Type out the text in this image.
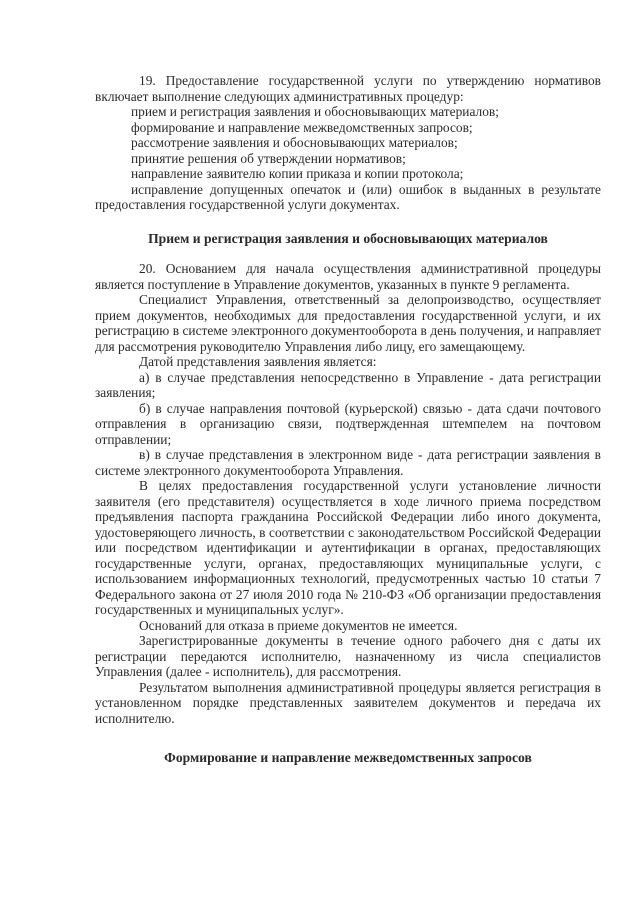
19. Предоставление государственной услуги по утверждению нормативов включает выполнение следующих административных процедур:

прием и регистрация заявления и обосновывающих материалов;

формирование и направление межведомственных запросов;

рассмотрение заявления и обосновывающих материалов;

принятие решения об утверждении нормативов;

направление заявителю копии приказа и копии протокола;

исправление допущенных опечаток и (или) ошибок в выданных в результате предоставления государственной услуги документах.

Прием и регистрация заявления и обосновывающих материалов

20. Основанием для начала осуществления административной процедуры является поступление в Управление документов, указанных в пункте 9 регламента.

Специалист Управления, ответственный за делопроизводство, осуществляет прием документов, необходимых для предоставления государственной услуги, и их регистрацию в системе электронного документооборота в день получения, и направляет для рассмотрения руководителю Управления либо лицу, его замещающему.

Датой представления заявления является:

а) в случае представления непосредственно в Управление - дата регистрации заявления;

б) в случае направления почтовой (курьерской) связью - дата сдачи почтового отправления в организацию связи, подтвержденная штемпелем на почтовом отправлении;

в) в случае представления в электронном виде - дата регистрации заявления в системе электронного документооборота Управления.

В целях предоставления государственной услуги установление личности заявителя (его представителя) осуществляется в ходе личного приема посредством предъявления паспорта гражданина Российской Федерации либо иного документа, удостоверяющего личность, в соответствии с законодательством Российской Федерации или посредством идентификации и аутентификации в органах, предоставляющих государственные услуги, органах, предоставляющих муниципальные услуги, с использованием информационных технологий, предусмотренных частью 10 статьи 7 Федерального закона от 27 июля 2010 года № 210-ФЗ «Об организации предоставления государственных и муниципальных услуг».

Оснований для отказа в приеме документов не имеется.

Зарегистрированные документы в течение одного рабочего дня с даты их регистрации передаются исполнителю, назначенному из числа специалистов Управления (далее - исполнитель), для рассмотрения.

Результатом выполнения административной процедуры является регистрация в установленном порядке представленных заявителем документов и передача их исполнителю.

Формирование и направление межведомственных запросов
